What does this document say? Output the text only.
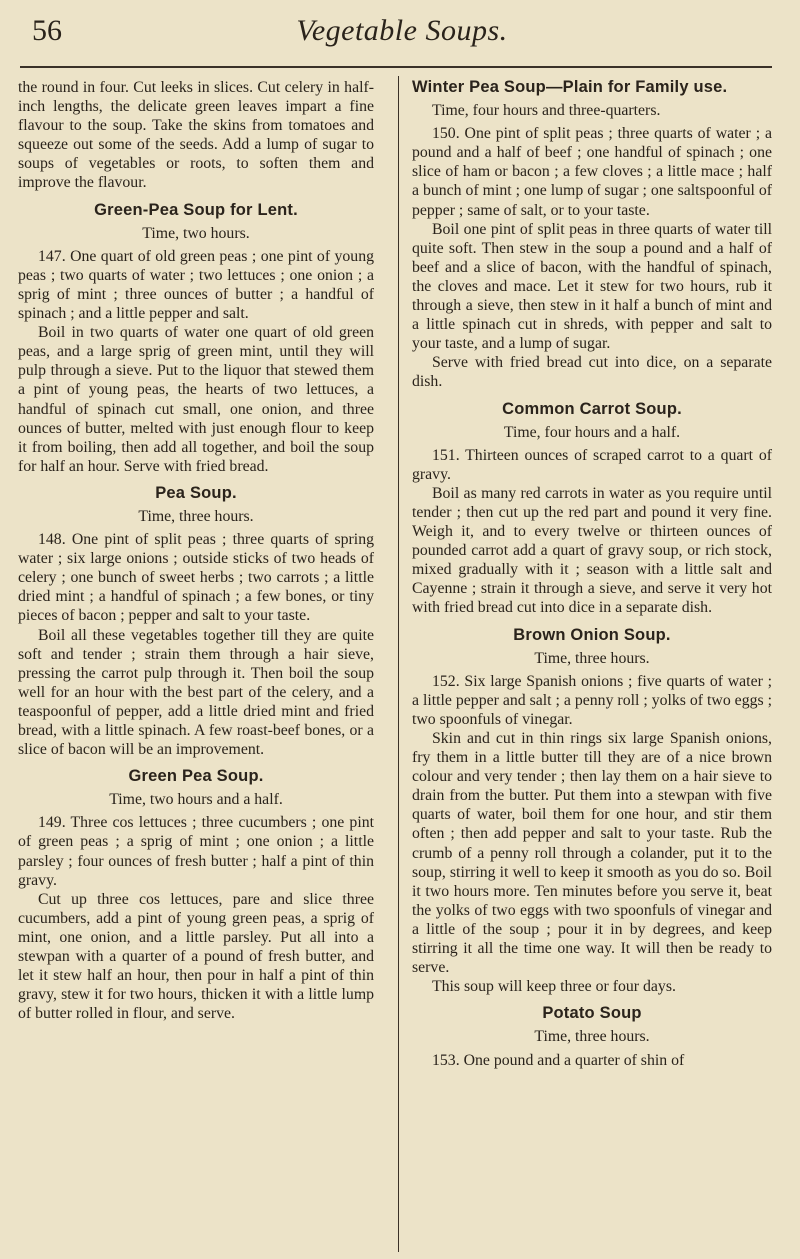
56	Vegetable Soups.

the round in four. Cut leeks in slices. Cut celery in half-inch lengths, the delicate green leaves impart a fine flavour to the soup. Take the skins from tomatoes and squeeze out some of the seeds. Add a lump of sugar to soups of vegetables or roots, to soften them and improve the flavour.

Green-Pea Soup for Lent.

Time, two hours.

147. One quart of old green peas ; one pint of young peas ; two quarts of water ; two lettuces ; one onion ; a sprig of mint ; three ounces of butter ; a handful of spinach ; and a little pepper and salt.

Boil in two quarts of water one quart of old green peas, and a large sprig of green mint, until they will pulp through a sieve. Put to the liquor that stewed them a pint of young peas, the hearts of two lettuces, a handful of spinach cut small, one onion, and three ounces of butter, melted with just enough flour to keep it from boiling, then add all together, and boil the soup for half an hour. Serve with fried bread.

Pea Soup.

Time, three hours.

148. One pint of split peas ; three quarts of spring water ; six large onions ; outside sticks of two heads of celery ; one bunch of sweet herbs ; two carrots ; a little dried mint ; a handful of spinach ; a few bones, or tiny pieces of bacon ; pepper and salt to your taste.

Boil all these vegetables together till they are quite soft and tender ; strain them through a hair sieve, pressing the carrot pulp through it. Then boil the soup well for an hour with the best part of the celery, and a teaspoonful of pepper, add a little dried mint and fried bread, with a little spinach. A few roast-beef bones, or a slice of bacon will be an improvement.

Green Pea Soup.

Time, two hours and a half.

149. Three cos lettuces ; three cucumbers ; one pint of green peas ; a sprig of mint ; one onion ; a little parsley ; four ounces of fresh butter ; half a pint of thin gravy.

Cut up three cos lettuces, pare and slice three cucumbers, add a pint of young green peas, a sprig of mint, one onion, and a little parsley. Put all into a stewpan with a quarter of a pound of fresh butter, and let it stew half an hour, then pour in half a pint of thin gravy, stew it for two hours, thicken it with a little lump of butter rolled in flour, and serve.

Winter Pea Soup—Plain for Family use.

Time, four hours and three-quarters.

150. One pint of split peas ; three quarts of water ; a pound and a half of beef ; one handful of spinach ; one slice of ham or bacon ; a few cloves ; a little mace ; half a bunch of mint ; one lump of sugar ; one saltspoonful of pepper ; same of salt, or to your taste.

Boil one pint of split peas in three quarts of water till quite soft. Then stew in the soup a pound and a half of beef and a slice of bacon, with the handful of spinach, the cloves and mace. Let it stew for two hours, rub it through a sieve, then stew in it half a bunch of mint and a little spinach cut in shreds, with pepper and salt to your taste, and a lump of sugar.

Serve with fried bread cut into dice, on a separate dish.

Common Carrot Soup.

Time, four hours and a half.

151. Thirteen ounces of scraped carrot to a quart of gravy.

Boil as many red carrots in water as you require until tender ; then cut up the red part and pound it very fine. Weigh it, and to every twelve or thirteen ounces of pounded carrot add a quart of gravy soup, or rich stock, mixed gradually with it ; season with a little salt and Cayenne ; strain it through a sieve, and serve it very hot with fried bread cut into dice in a separate dish.

Brown Onion Soup.

Time, three hours.

152. Six large Spanish onions ; five quarts of water ; a little pepper and salt ; a penny roll ; yolks of two eggs ; two spoonfuls of vinegar.

Skin and cut in thin rings six large Spanish onions, fry them in a little butter till they are of a nice brown colour and very tender ; then lay them on a hair sieve to drain from the butter. Put them into a stewpan with five quarts of water, boil them for one hour, and stir them often ; then add pepper and salt to your taste. Rub the crumb of a penny roll through a colander, put it to the soup, stirring it well to keep it smooth as you do so. Boil it two hours more. Ten minutes before you serve it, beat the yolks of two eggs with two spoonfuls of vinegar and a little of the soup ; pour it in by degrees, and keep stirring it all the time one way. It will then be ready to serve.

This soup will keep three or four days.

Potato Soup

Time, three hours.

153. One pound and a quarter of shin of
